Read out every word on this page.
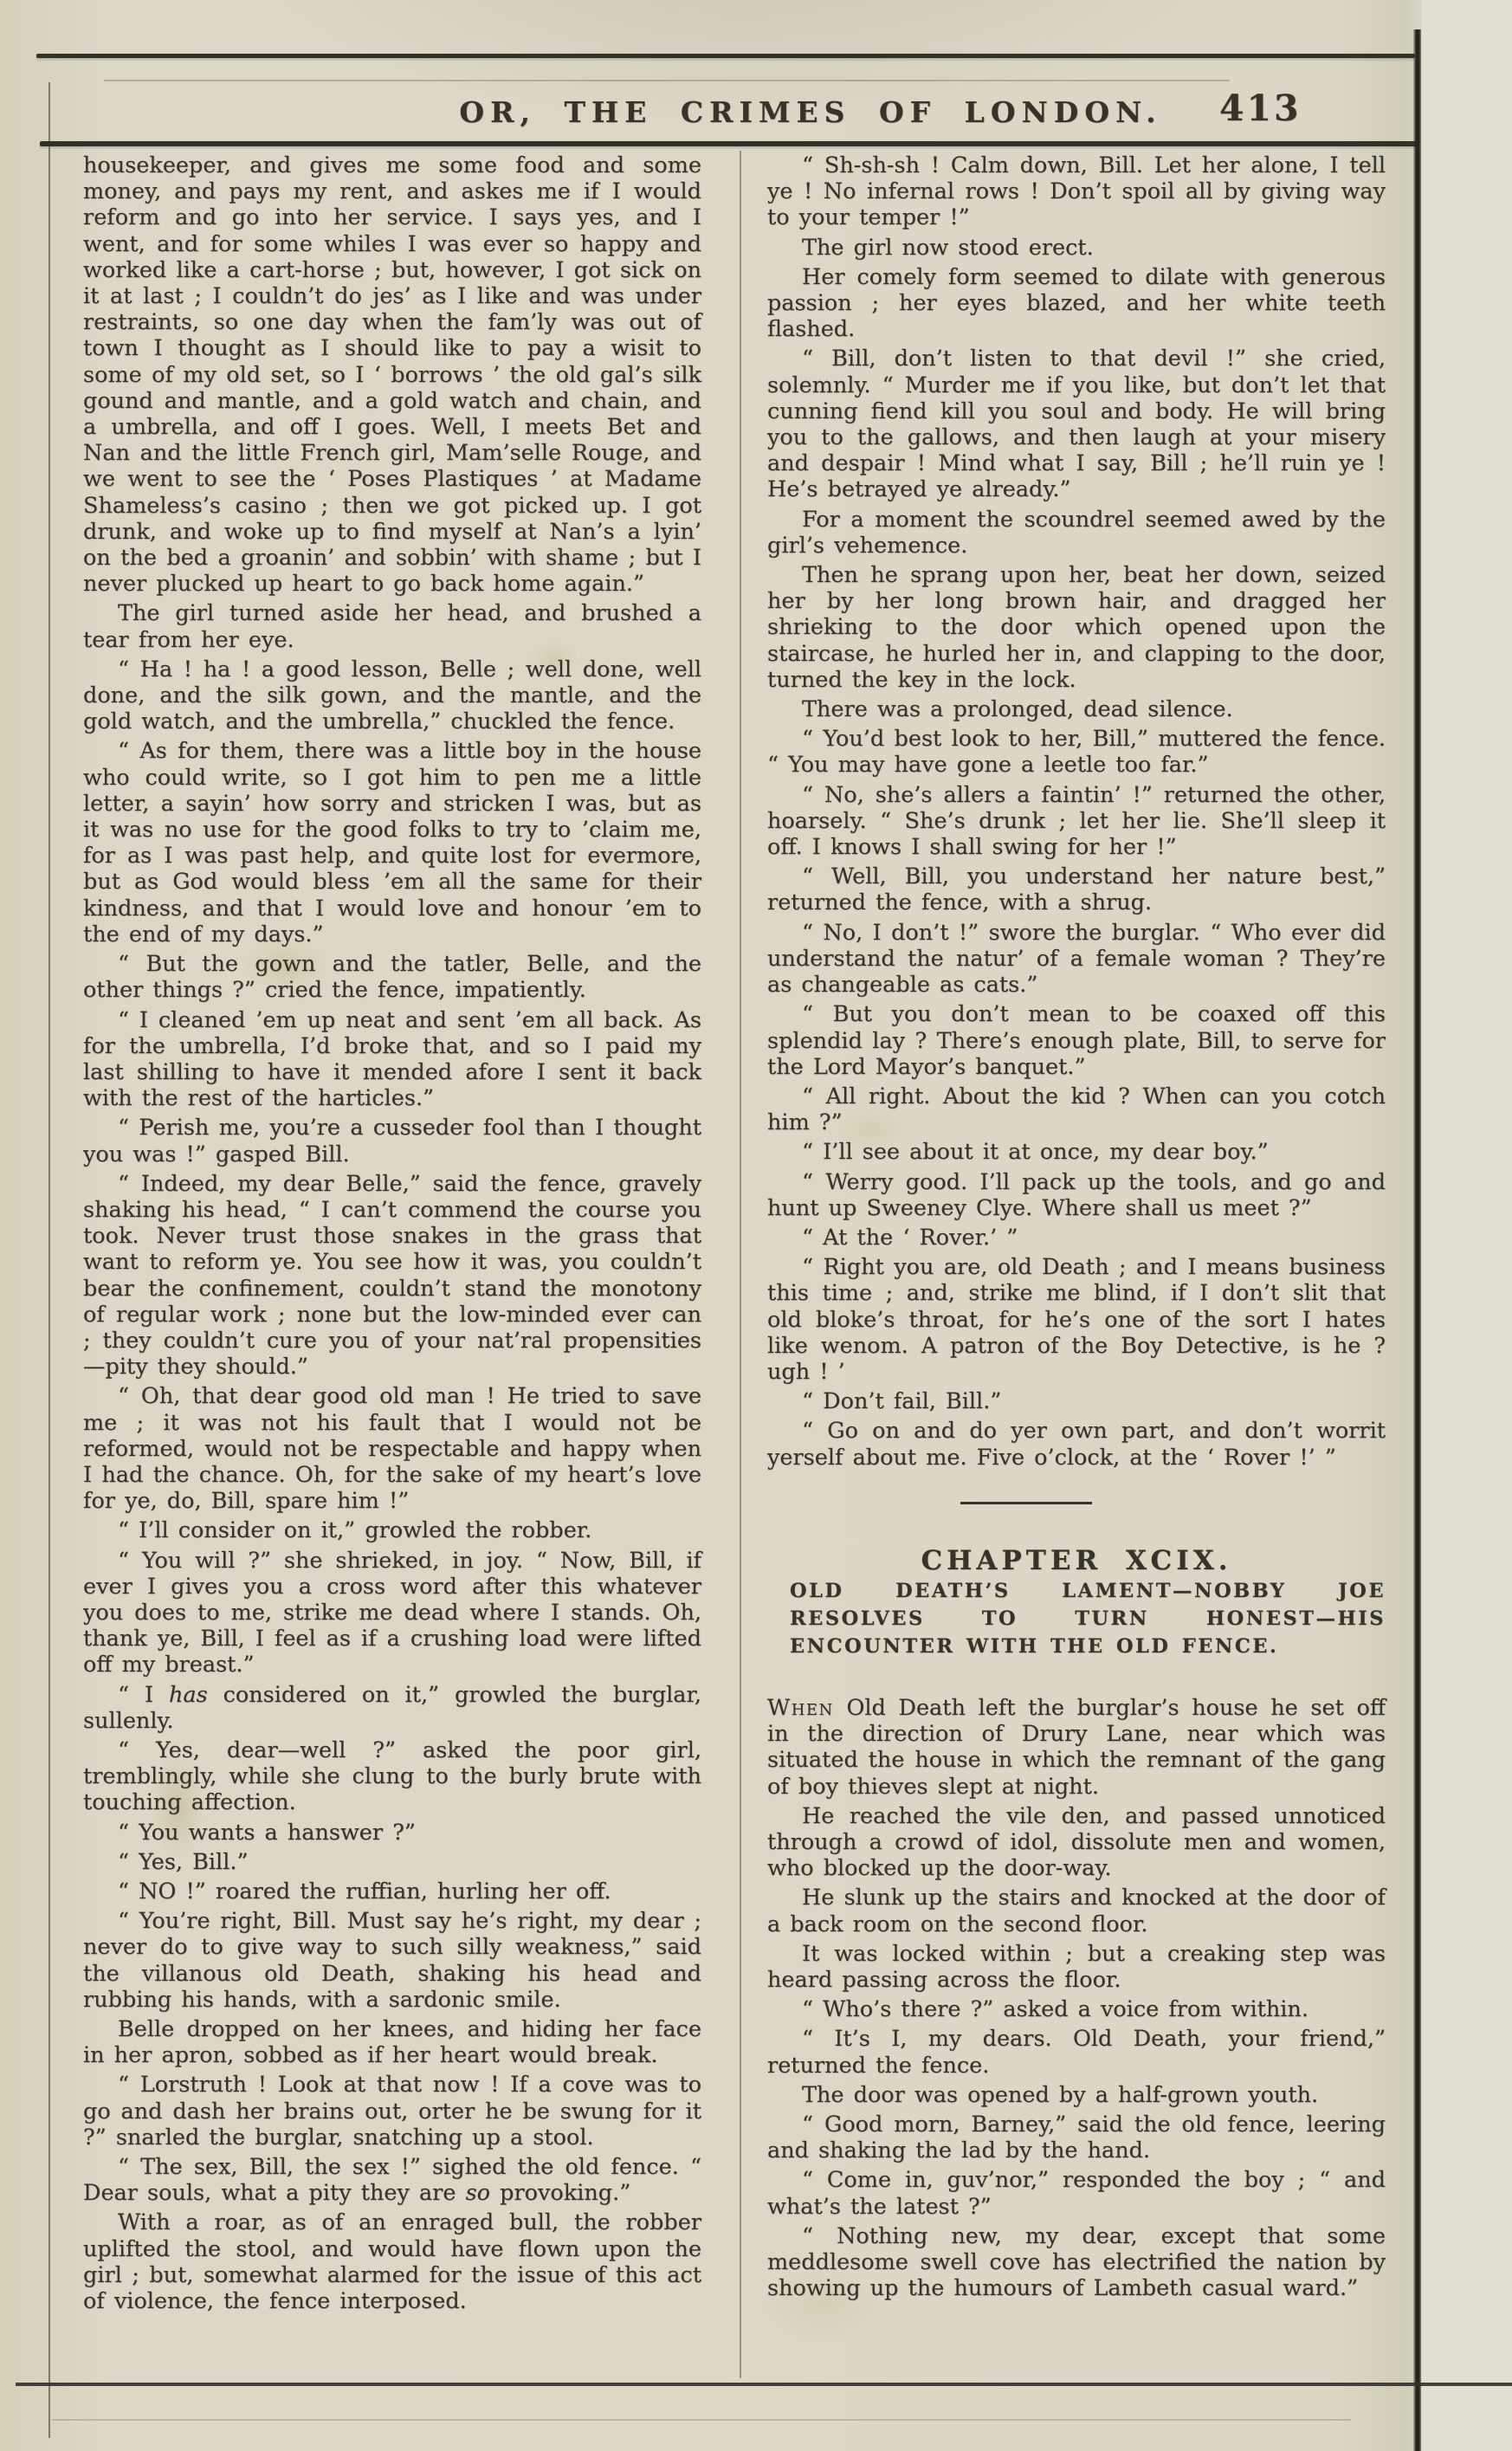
OR, THE CRIMES OF LONDON. 413

housekeeper, and gives me some food and some money, and pays my rent, and askes me if I would reform and go into her service. I says yes, and I went, and for some whiles I was ever so happy and worked like a cart-horse ; but, however, I got sick on it at last ; I couldn’t do jes’ as I like and was under restraints, so one day when the fam’ly was out of town I thought as I should like to pay a wisit to some of my old set, so I ‘ borrows ’ the old gal’s silk gound and mantle, and a gold watch and chain, and a umbrella, and off I goes. Well, I meets Bet and Nan and the little French girl, Mam’selle Rouge, and we went to see the ‘ Poses Plastiques ’ at Madame Shameless’s casino ; then we got picked up. I got drunk, and woke up to find myself at Nan’s a lyin’ on the bed a groanin’ and sobbin’ with shame ; but I never plucked up heart to go back home again.”

The girl turned aside her head, and brushed a tear from her eye.

“ Ha ! ha ! a good lesson, Belle ; well done, well done, and the silk gown, and the mantle, and the gold watch, and the umbrella,” chuckled the fence.

“ As for them, there was a little boy in the house who could write, so I got him to pen me a little letter, a sayin’ how sorry and stricken I was, but as it was no use for the good folks to try to ’claim me, for as I was past help, and quite lost for evermore, but as God would bless ’em all the same for their kindness, and that I would love and honour ’em to the end of my days.”

“ But the gown and the tatler, Belle, and the other things ?” cried the fence, impatiently.

“ I cleaned ’em up neat and sent ’em all back. As for the umbrella, I’d broke that, and so I paid my last shilling to have it mended afore I sent it back with the rest of the harticles.”

“ Perish me, you’re a cusseder fool than I thought you was !” gasped Bill.

“ Indeed, my dear Belle,” said the fence, gravely shaking his head, “ I can’t commend the course you took. Never trust those snakes in the grass that want to reform ye. You see how it was, you couldn’t bear the confinement, couldn’t stand the monotony of regular work ; none but the low-minded ever can ; they couldn’t cure you of your nat’ral propensities —pity they should.”

“ Oh, that dear good old man ! He tried to save me ; it was not his fault that I would not be reformed, would not be respectable and happy when I had the chance. Oh, for the sake of my heart’s love for ye, do, Bill, spare him !”

“ I’ll consider on it,” growled the robber.

“ You will ?” she shrieked, in joy. “ Now, Bill, if ever I gives you a cross word after this whatever you does to me, strike me dead where I stands. Oh, thank ye, Bill, I feel as if a crushing load were lifted off my breast.”

“ I has considered on it,” growled the burglar, sullenly.

“ Yes, dear—well ?” asked the poor girl, tremblingly, while she clung to the burly brute with touching affection.

“ You wants a hanswer ?”

“ Yes, Bill.”

“ NO !” roared the ruffian, hurling her off.

“ You’re right, Bill. Must say he’s right, my dear ; never do to give way to such silly weakness,” said the villanous old Death, shaking his head and rubbing his hands, with a sardonic smile.

Belle dropped on her knees, and hiding her face in her apron, sobbed as if her heart would break.

“ Lorstruth ! Look at that now ! If a cove was to go and dash her brains out, orter he be swung for it ?” snarled the burglar, snatching up a stool.

“ The sex, Bill, the sex !” sighed the old fence. “ Dear souls, what a pity they are so provoking.”

With a roar, as of an enraged bull, the robber uplifted the stool, and would have flown upon the girl ; but, somewhat alarmed for the issue of this act of violence, the fence interposed.

“ Sh-sh-sh ! Calm down, Bill. Let her alone, I tell ye ! No infernal rows ! Don’t spoil all by giving way to your temper !”

The girl now stood erect.

Her comely form seemed to dilate with generous passion ; her eyes blazed, and her white teeth flashed.

“ Bill, don’t listen to that devil !” she cried, solemnly. “ Murder me if you like, but don’t let that cunning fiend kill you soul and body. He will bring you to the gallows, and then laugh at your misery and despair ! Mind what I say, Bill ; he’ll ruin ye ! He’s betrayed ye already.”

For a moment the scoundrel seemed awed by the girl’s vehemence.

Then he sprang upon her, beat her down, seized her by her long brown hair, and dragged her shrieking to the door which opened upon the staircase, he hurled her in, and clapping to the door, turned the key in the lock.

There was a prolonged, dead silence.

“ You’d best look to her, Bill,” muttered the fence. “ You may have gone a leetle too far.”

“ No, she’s allers a faintin’ !” returned the other, hoarsely. “ She’s drunk ; let her lie. She’ll sleep it off. I knows I shall swing for her !”

“ Well, Bill, you understand her nature best,” returned the fence, with a shrug.

“ No, I don’t !” swore the burglar. “ Who ever did understand the natur’ of a female woman ? They’re as changeable as cats.”

“ But you don’t mean to be coaxed off this splendid lay ? There’s enough plate, Bill, to serve for the Lord Mayor’s banquet.”

“ All right. About the kid ? When can you cotch him ?”

“ I’ll see about it at once, my dear boy.”

“ Werry good. I’ll pack up the tools, and go and hunt up Sweeney Clye. Where shall us meet ?”

“ At the ‘ Rover.’ ”

“ Right you are, old Death ; and I means business this time ; and, strike me blind, if I don’t slit that old bloke’s throat, for he’s one of the sort I hates like wenom. A patron of the Boy Detective, is he ? ugh ! ’

“ Don’t fail, Bill.”

“ Go on and do yer own part, and don’t worrit yerself about me. Five o’clock, at the ‘ Rover !’ ”

CHAPTER XCIX.

OLD DEATH’S LAMENT—NOBBY JOE RESOLVES TO TURN HONEST—HIS ENCOUNTER WITH THE OLD FENCE.

When Old Death left the burglar’s house he set off in the direction of Drury Lane, near which was situated the house in which the remnant of the gang of boy thieves slept at night.

He reached the vile den, and passed unnoticed through a crowd of idol, dissolute men and women, who blocked up the door-way.

He slunk up the stairs and knocked at the door of a back room on the second floor.

It was locked within ; but a creaking step was heard passing across the floor.

“ Who’s there ?” asked a voice from within.

“ It’s I, my dears. Old Death, your friend,” returned the fence.

The door was opened by a half-grown youth.

“ Good morn, Barney,” said the old fence, leering and shaking the lad by the hand.

“ Come in, guv’nor,” responded the boy ; “ and what’s the latest ?”

“ Nothing new, my dear, except that some meddlesome swell cove has electrified the nation by showing up the humours of Lambeth casual ward.”
